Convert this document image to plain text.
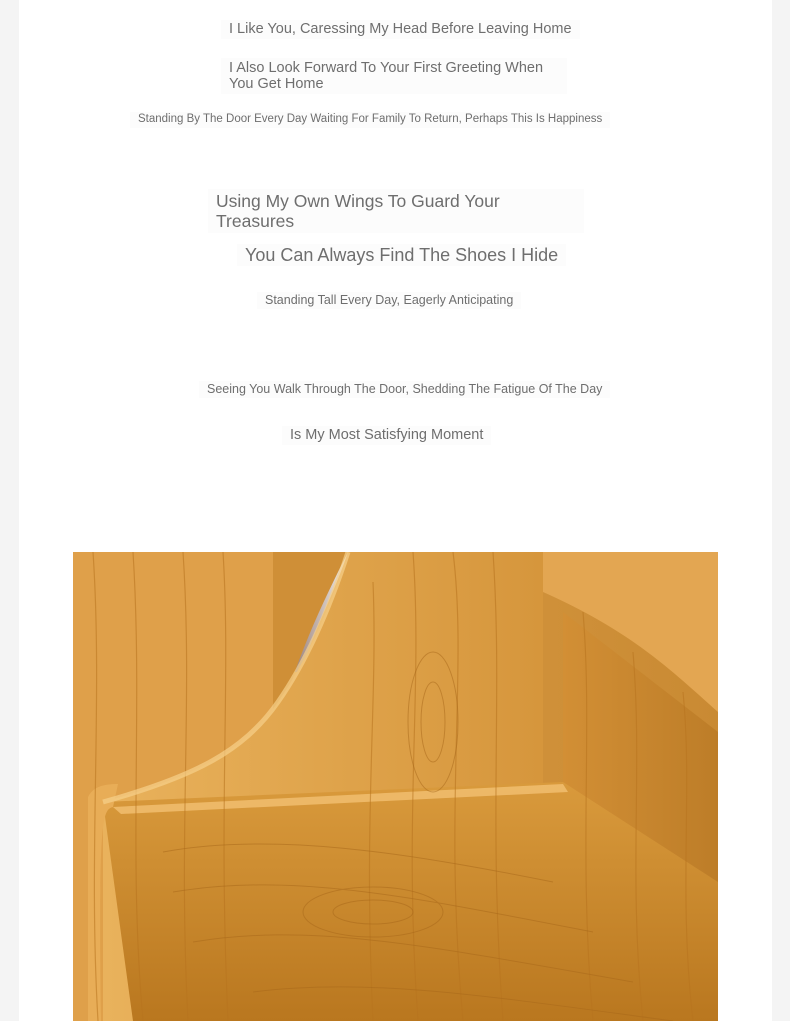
I Like You, Caressing My Head Before Leaving Home
I Also Look Forward To Your First Greeting When You Get Home
Standing By The Door Every Day Waiting For Family To Return, Perhaps This Is Happiness
Using My Own Wings To Guard Your Treasures
You Can Always Find The Shoes I Hide
Standing Tall Every Day, Eagerly Anticipating
Seeing You Walk Through The Door, Shedding The Fatigue Of The Day
Is My Most Satisfying Moment
